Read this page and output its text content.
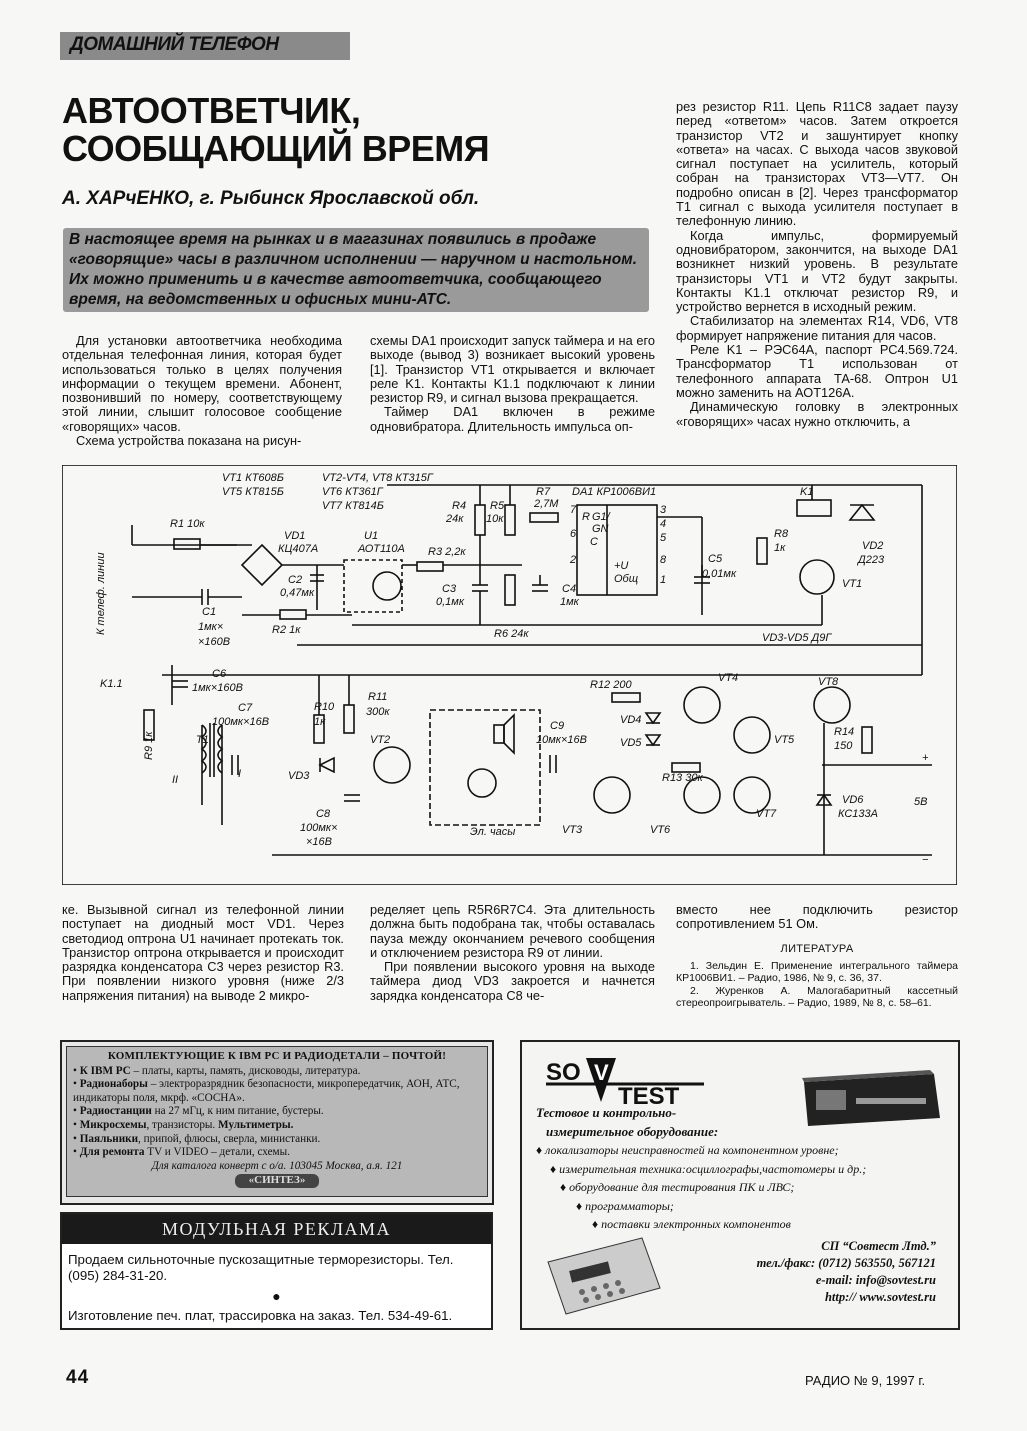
ДОМАШНИЙ ТЕЛЕФОН
АВТООТВЕТЧИК,
СООБЩАЮЩИЙ ВРЕМЯ
А. ХАРчЕНКО, г. Рыбинск Ярославской обл.
В настоящее время на рынках и в магазинах появились в продаже «говорящие» часы в различном исполнении — наручном и настольном. Их можно применить и в качестве автоответчика, сообщающего время, на ведомственных и офисных мини-АТС.

Для установки автоответчика необходима отдельная телефонная линия, которая будет использоваться только в целях получения информации о текущем времени. Абонент, позвонивший по номеру, соответствующему этой линии, слышит голосовое сообщение «говорящих» часов.

Схема устройства показана на рисун-

схемы DA1 происходит запуск таймера и на его выходе (вывод 3) возникает высокий уровень [1]. Транзистор VT1 открывается и включает реле K1. Контакты K1.1 подключают к линии резистор R9, и сигнал вызова прекращается.

Таймер DA1 включен в режиме одновибратора. Длительность импульса оп-

рез резистор R11. Цепь R11C8 задает паузу перед «ответом» часов. Затем откроется транзистор VT2 и зашунтирует кнопку «ответа» на часах. С выхода часов звуковой сигнал поступает на усилитель, который собран на транзисторах VT3—VT7. Он подробно описан в [2]. Через трансформатор T1 сигнал с выхода усилителя поступает в телефонную линию.

Когда импульс, формируемый одновибратором, закончится, на выходе DA1 возникнет низкий уровень. В результате транзисторы VT1 и VT2 будут закрыты. Контакты K1.1 отключат резистор R9, и устройство вернется в исходный режим.

Стабилизатор на элементах R14, VD6, VT8 формирует напряжение питания для часов.

Реле K1 – РЭС64А, паспорт РС4.569.724. Трансформатор T1 использован от телефонного аппарата ТА-68. Оптрон U1 можно заменить на АОТ126А.

Динамическую головку в электронных «говорящих» часах нужно отключить, а

VT1 КТ608Б
VT5 КТ815Б
VT2-VT4, VT8 КТ315Г
VT6 КТ361Г
VT7 КТ814Б
DA1 КР1006ВИ1
К телеф. линии
R1 10к
VD1
КЦ407А
U1
АОТ110А
C2
0,47мк
R2 1к
C1
1мк×
×160В
R3 2,2к
C3
0,1мк
R4
24к
R5
10к
R7
2,7М
R6 24к
C4
1мк
C5
0,01мк
R G1/
GN
C
+U
Общ
7
6
2
3
4
5
8
1
K1
R8
1к	VD2
Д223
VT1
VD3-VD5 Д9Г
K1.1
C6
1мк×160В
C7
100мк×16В
R9 1к	T1
II	I
R10
1к
R11
300к
VT2
VD3
C8
100мк×
×16В
C9
10мк×16В
Эл. часы
R12 200
VT4
VD4
VD5	VT5
R13 30к
VT3	VT6
VT7
VT8
R14
150
VD6
КС133А
+
−
5В

ке. Вызывной сигнал из телефонной линии поступает на диодный мост VD1. Через светодиод оптрона U1 начинает протекать ток. Транзистор оптрона открывается и происходит разрядка конденсатора C3 через резистор R3. При появлении низкого уровня (ниже 2/3 напряжения питания) на выводе 2 микро-

ределяет цепь R5R6R7C4. Эта длительность должна быть подобрана так, чтобы оставалась пауза между окончанием речевого сообщения и отключением резистора R9 от линии.

При появлении высокого уровня на выходе таймера диод VD3 закроется и начнется зарядка конденсатора C8 че-

вместо нее подключить резистор сопротивлением 51 Ом.

ЛИТЕРАТУРА

1. Зельдин Е. Применение интегрального таймера КР1006ВИ1. – Радио, 1986, № 9, с. 36, 37.

2. Журенков А. Малогабаритный кассетный стереопроигрыватель. – Радио, 1989, № 8, с. 58–61.

КОМПЛЕКТУЮЩИЕ К IBM PC И РАДИОДЕТАЛИ – ПОЧТОЙ!
• К IBM PC – платы, карты, память, дисководы, литература.
• Радионаборы – электроразрядник безопасности, микропередатчик, АОН, АТС, индикаторы поля, мкрф. «СОСНА».
• Радиостанции на 27 мГц, к ним питание, бустеры.
• Микросхемы, транзисторы. Мультиметры.
• Паяльники, припой, флюсы, сверла, министанки.
• Для ремонта TV и VIDEO – детали, схемы.
Для каталога конверт с о/а. 103045 Москва, а.я. 121
«СИНТЕЗ»
SO V
TEST
Тестовое и контрольно-
измерительное оборудование:
♦ локализаторы неисправностей на компонентном уровне;
♦ измерительная техника:осциллографы,частотомеры и др.;
♦ оборудование для тестирования ПК и ЛВС;
♦ программаторы;
♦ поставки электронных компонентов
СП “Совтест Лтд.”
тел./факс: (0712) 563550, 567121
e-mail: info@sovtest.ru
http:// www.sovtest.ru
МОДУЛЬНАЯ РЕКЛАМА
Продаем сильноточные пускозащитные терморезисторы. Тел. (095) 284-31-20.
●
Изготовление печ. плат, трассировка на заказ. Тел. 534-49-61.
44	РАДИО № 9, 1997 г.
